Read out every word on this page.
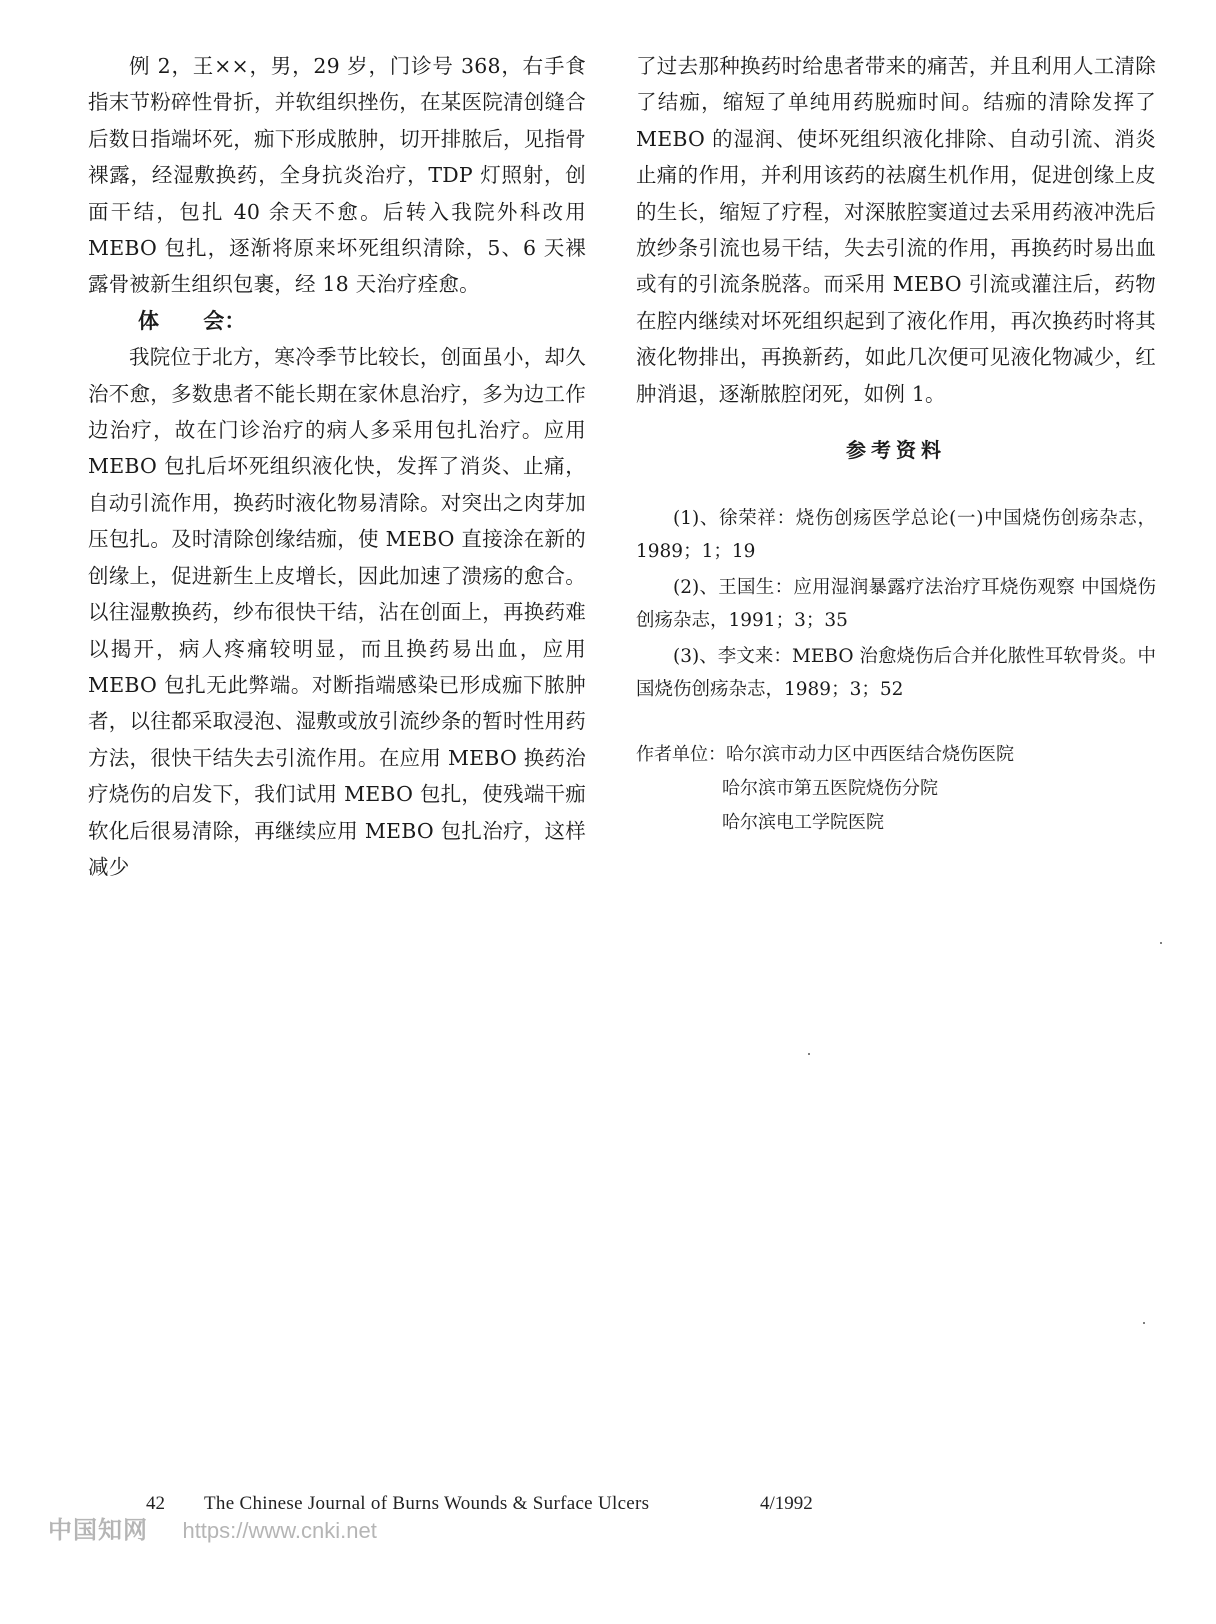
例 2，王××，男，29 岁，门诊号 368，右手食指末节粉碎性骨折，并软组织挫伤，在某医院清创缝合后数日指端坏死，痂下形成脓肿，切开排脓后，见指骨裸露，经湿敷换药，全身抗炎治疗，TDP 灯照射，创面干结，包扎 40 余天不愈。后转入我院外科改用 MEBO 包扎，逐渐将原来坏死组织清除，5、6 天裸露骨被新生组织包裹，经 18 天治疗痊愈。

体 会：

我院位于北方，寒冷季节比较长，创面虽小，却久治不愈，多数患者不能长期在家休息治疗，多为边工作边治疗，故在门诊治疗的病人多采用包扎治疗。应用 MEBO 包扎后坏死组织液化快，发挥了消炎、止痛，自动引流作用，换药时液化物易清除。对突出之肉芽加压包扎。及时清除创缘结痂，使 MEBO 直接涂在新的创缘上，促进新生上皮增长，因此加速了溃疡的愈合。以往湿敷换药，纱布很快干结，沾在创面上，再换药难以揭开，病人疼痛较明显，而且换药易出血，应用 MEBO 包扎无此弊端。对断指端感染已形成痂下脓肿者，以往都采取浸泡、湿敷或放引流纱条的暂时性用药方法，很快干结失去引流作用。在应用 MEBO 换药治疗烧伤的启发下，我们试用 MEBO 包扎，使残端干痂软化后很易清除，再继续应用 MEBO 包扎治疗，这样减少

了过去那种换药时给患者带来的痛苦，并且利用人工清除了结痂，缩短了单纯用药脱痂时间。结痂的清除发挥了 MEBO 的湿润、使坏死组织液化排除、自动引流、消炎止痛的作用，并利用该药的祛腐生机作用，促进创缘上皮的生长，缩短了疗程，对深脓腔窦道过去采用药液冲洗后放纱条引流也易干结，失去引流的作用，再换药时易出血或有的引流条脱落。而采用 MEBO 引流或灌注后，药物在腔内继续对坏死组织起到了液化作用，再次换药时将其液化物排出，再换新药，如此几次便可见液化物减少，红肿消退，逐渐脓腔闭死，如例 1。

参考资料

(1)、徐荣祥：烧伤创疡医学总论(一)中国烧伤创疡杂志，1989；1；19

(2)、王国生：应用湿润暴露疗法治疗耳烧伤观察 中国烧伤创疡杂志，1991；3；35

(3)、李文来：MEBO 治愈烧伤后合并化脓性耳软骨炎。中国烧伤创疡杂志，1989；3；52

作者单位： 哈尔滨市动力区中西医结合烧伤医院
哈尔滨市第五医院烧伤分院
哈尔滨电工学院医院
42 The Chinese Journal of Burns Wounds & Surface Ulcers	4/1992
中国知网 https://www.cnki.net
